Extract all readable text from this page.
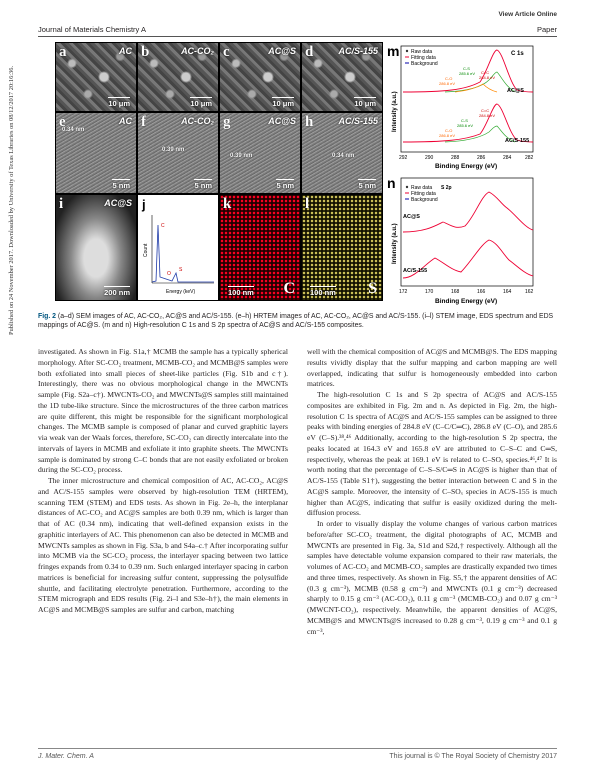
View Article Online
Journal of Materials Chemistry A	Paper
Published on 24 November 2017. Downloaded by University of Texas Libraries on 08/12/2017 20:16:36.
a	AC
10 μm
b	AC-CO₂
10 μm
c	AC@S
10 μm
d	AC/S-155
10 μm
e	AC
0.34 nm
5 nm
f	AC-CO₂
0.39 nm
5 nm
g	AC@S
0.39 nm
5 nm
h	AC/S-155
0.34 nm
5 nm
i	AC@S
200 nm
j
C
O
S
Energy (keV)
Count
k
100 nm C
l
100 nm S
m	C 1s
Raw data
Fitting data
Background
AC@S
C=C
284.8 eV
C-S
285.6 eV
C-O
286.8 eV
AC/S-155
C=C
284.8 eV
C-S
285.6 eV
C-O
286.8 eV
292	290	288	286	284	282
Binding Energy (eV)
Intensity (a.u.)
n	Raw data S 2p
Fitting data
Background
AC@S
AC/S-155
172	170	168	166	164	162
Binding Energy (eV)
Intensity (a.u.)
Fig. 2 (a–d) SEM images of AC, AC-CO₂, AC@S and AC/S-155. (e–h) HRTEM images of AC, AC-CO₂, AC@S and AC/S-155. (i–l) STEM image, EDS spectrum and EDS mappings of AC@S. (m and n) High-resolution C 1s and S 2p spectra of AC@S and AC/S-155 composites.

investigated. As shown in Fig. S1a,† MCMB the sample has a typically spherical morphology. After SC-CO₂ treatment, MCMB-CO₂ and MCMB@S samples were both exfoliated into small pieces of sheet-like particles (Fig. S1b and c†). Interestingly, there was no obvious morphological change in the MWCNTs sample (Fig. S2a–c†). MWCNTs-CO₂ and MWCNTs@S samples still maintained the 1D tube-like structure. Since the microstructures of the three carbon matrices are quite different, this might be responsible for the significant morphological changes. The MCMB sample is composed of planar and curved graphitic layers via weak van der Waals forces, therefore, SC-CO₂ can directly intercalate into the intervals of layers in MCMB and exfoliate it into graphite sheets. The MWCNTs sample is dominated by strong C–C bonds that are not easily exfoliated or broken during the SC-CO₂ process.

The inner microstructure and chemical composition of AC, AC-CO₂, AC@S and AC/S-155 samples were observed by high-resolution TEM (HRTEM), scanning TEM (STEM) and EDS tests. As shown in Fig. 2e–h, the interplanar distances of AC-CO₂ and AC@S samples are both 0.39 nm, which is larger than that of AC (0.34 nm), indicating that well-defined expansion exists in the graphitic interlayers of AC. This phenomenon can also be detected in MCMB and MWCNTs samples as shown in Fig. S3a, b and S4a–c.† After incorporating sulfur into MCMB via the SC-CO₂ process, the interlayer spacing between two lattice fringes expands from 0.34 to 0.39 nm. Such enlarged interlayer spacing in carbon matrices is beneficial for increasing sulfur content, suppressing the polysulfide shuttle, and facilitating electrolyte penetration. Furthermore, according to the STEM micrograph and EDS results (Fig. 2i–l and S3e–h†), the main elements in AC@S and MCMB@S samples are sulfur and carbon, matching

well with the chemical composition of AC@S and MCMB@S. The EDS mapping results vividly display that the sulfur mapping and carbon mapping are well overlapped, indicating that sulfur is homogeneously embedded into carbon matrices.

The high-resolution C 1s and S 2p spectra of AC@S and AC/S-155 composites are exhibited in Fig. 2m and n. As depicted in Fig. 2m, the high-resolution C 1s spectra of AC@S and AC/S-155 samples can be assigned to three peaks with binding energies of 284.8 eV (C–C/C═C), 286.8 eV (C–O), and 285.6 eV (C–S).³⁸,⁴⁶ Additionally, according to the high-resolution S 2p spectra, the peaks located at 164.3 eV and 165.8 eV are attributed to C–S–C and C═S, respectively, whereas the peak at 169.1 eV is related to C–SOₓ species.⁴⁶,⁴⁷ It is worth noting that the percentage of C–S–S/C═S in AC@S is higher than that of AC/S-155 (Table S1†), suggesting the better interaction between C and S in the AC@S sample. Moreover, the intensity of C–SOₓ species in AC/S-155 is much higher than AC@S, indicating that sulfur is easily oxidized during the melt-diffusion process.

In order to visually display the volume changes of various carbon matrices before/after SC-CO₂ treatment, the digital photographs of AC, MCMB and MWCNTs are presented in Fig. 3a, S1d and S2d,† respectively. Although all the samples have detectable volume expansion compared to their raw materials, the volumes of AC-CO₂ and MCMB-CO₂ samples are drastically expanded two times and three times, respectively. As shown in Fig. S5,† the apparent densities of AC (0.3 g cm⁻³), MCMB (0.58 g cm⁻³) and MWCNTs (0.1 g cm⁻³) decreased sharply to 0.15 g cm⁻³ (AC-CO₂), 0.11 g cm⁻³ (MCMB-CO₂) and 0.07 g cm⁻³ (MWCNT-CO₂), respectively. Meanwhile, the apparent densities of AC@S, MCMB@S and MWCNTs@S increased to 0.28 g cm⁻³, 0.19 g cm⁻³ and 0.1 g cm⁻³,

J. Mater. Chem. A	This journal is © The Royal Society of Chemistry 2017
